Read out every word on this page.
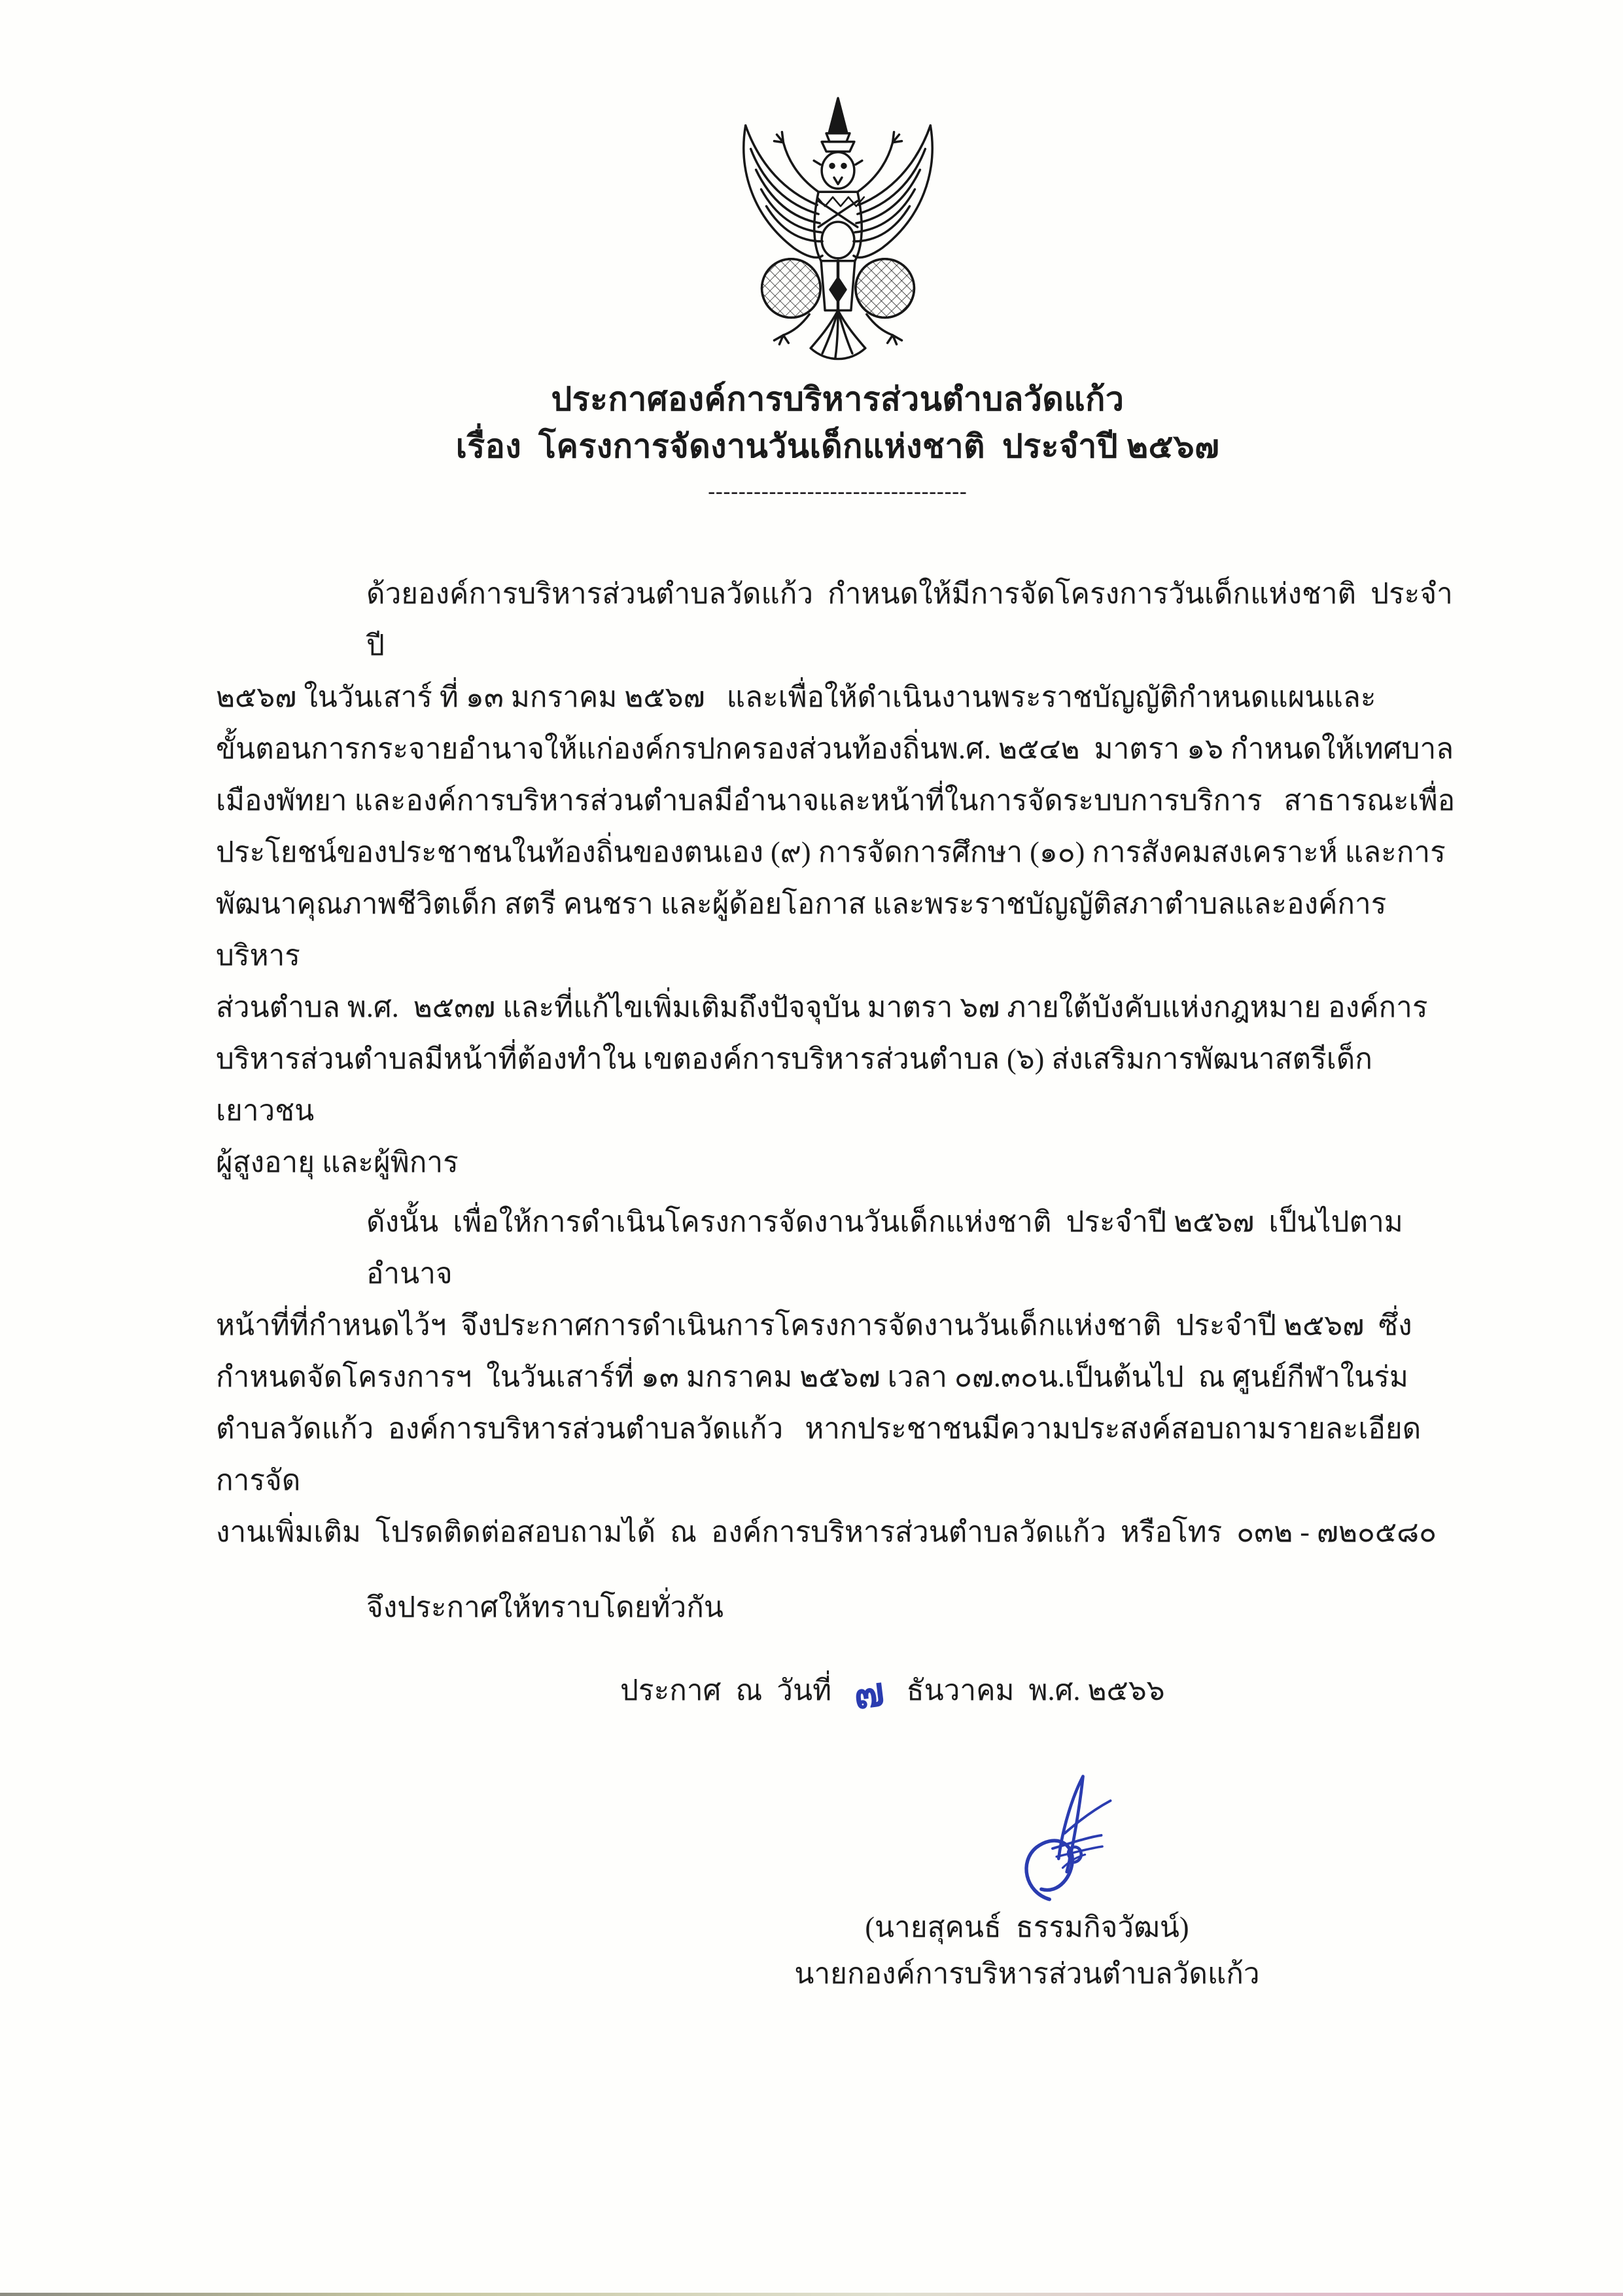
ประกาศองค์การบริหารส่วนตำบลวัดแก้ว
เรื่อง  โครงการจัดงานวันเด็กแห่งชาติ  ประจำปี ๒๕๖๗
----------------------------------
ด้วยองค์การบริหารส่วนตำบลวัดแก้ว  กำหนดให้มีการจัดโครงการวันเด็กแห่งชาติ  ประจำปี
๒๕๖๗ ในวันเสาร์ ที่ ๑๓ มกราคม ๒๕๖๗   และเพื่อให้ดำเนินงานพระราชบัญญัติกำหนดแผนและ
ขั้นตอนการกระจายอำนาจให้แก่องค์กรปกครองส่วนท้องถิ่นพ.ศ. ๒๕๔๒  มาตรา ๑๖ กำหนดให้เทศบาล
เมืองพัทยา และองค์การบริหารส่วนตำบลมีอำนาจและหน้าที่ในการจัดระบบการบริการ   สาธารณะเพื่อ
ประโยชน์ของประชาชนในท้องถิ่นของตนเอง (๙) การจัดการศึกษา (๑๐) การสังคมสงเคราะห์ และการ
พัฒนาคุณภาพชีวิตเด็ก สตรี คนชรา และผู้ด้อยโอกาส และพระราชบัญญัติสภาตำบลและองค์การบริหาร
ส่วนตำบล พ.ศ.  ๒๕๓๗ และที่แก้ไขเพิ่มเติมถึงปัจจุบัน มาตรา ๖๗ ภายใต้บังคับแห่งกฎหมาย องค์การ
บริหารส่วนตำบลมีหน้าที่ต้องทำใน เขตองค์การบริหารส่วนตำบล (๖) ส่งเสริมการพัฒนาสตรีเด็ก เยาวชน
ผู้สูงอายุ และผู้พิการ
ดังนั้น  เพื่อให้การดำเนินโครงการจัดงานวันเด็กแห่งชาติ  ประจำปี ๒๕๖๗  เป็นไปตามอำนาจ
หน้าที่ที่กำหนดไว้ฯ  จึงประกาศการดำเนินการโครงการจัดงานวันเด็กแห่งชาติ  ประจำปี ๒๕๖๗  ซึ่ง
กำหนดจัดโครงการฯ  ในวันเสาร์ที่ ๑๓ มกราคม ๒๕๖๗ เวลา ๐๗.๓๐น.เป็นต้นไป  ณ ศูนย์กีฬาในร่ม
ตำบลวัดแก้ว  องค์การบริหารส่วนตำบลวัดแก้ว   หากประชาชนมีความประสงค์สอบถามรายละเอียดการจัด
งานเพิ่มเติม  โปรดติดต่อสอบถามได้  ณ  องค์การบริหารส่วนตำบลวัดแก้ว  หรือโทร  ๐๓๒ - ๗๒๐๕๘๐
จึงประกาศให้ทราบโดยทั่วกัน
ประกาศ  ณ  วันที่ ๗ ธันวาคม  พ.ศ. ๒๕๖๖
(นายสุคนธ์  ธรรมกิจวัฒน์)
นายกองค์การบริหารส่วนตำบลวัดแก้ว
